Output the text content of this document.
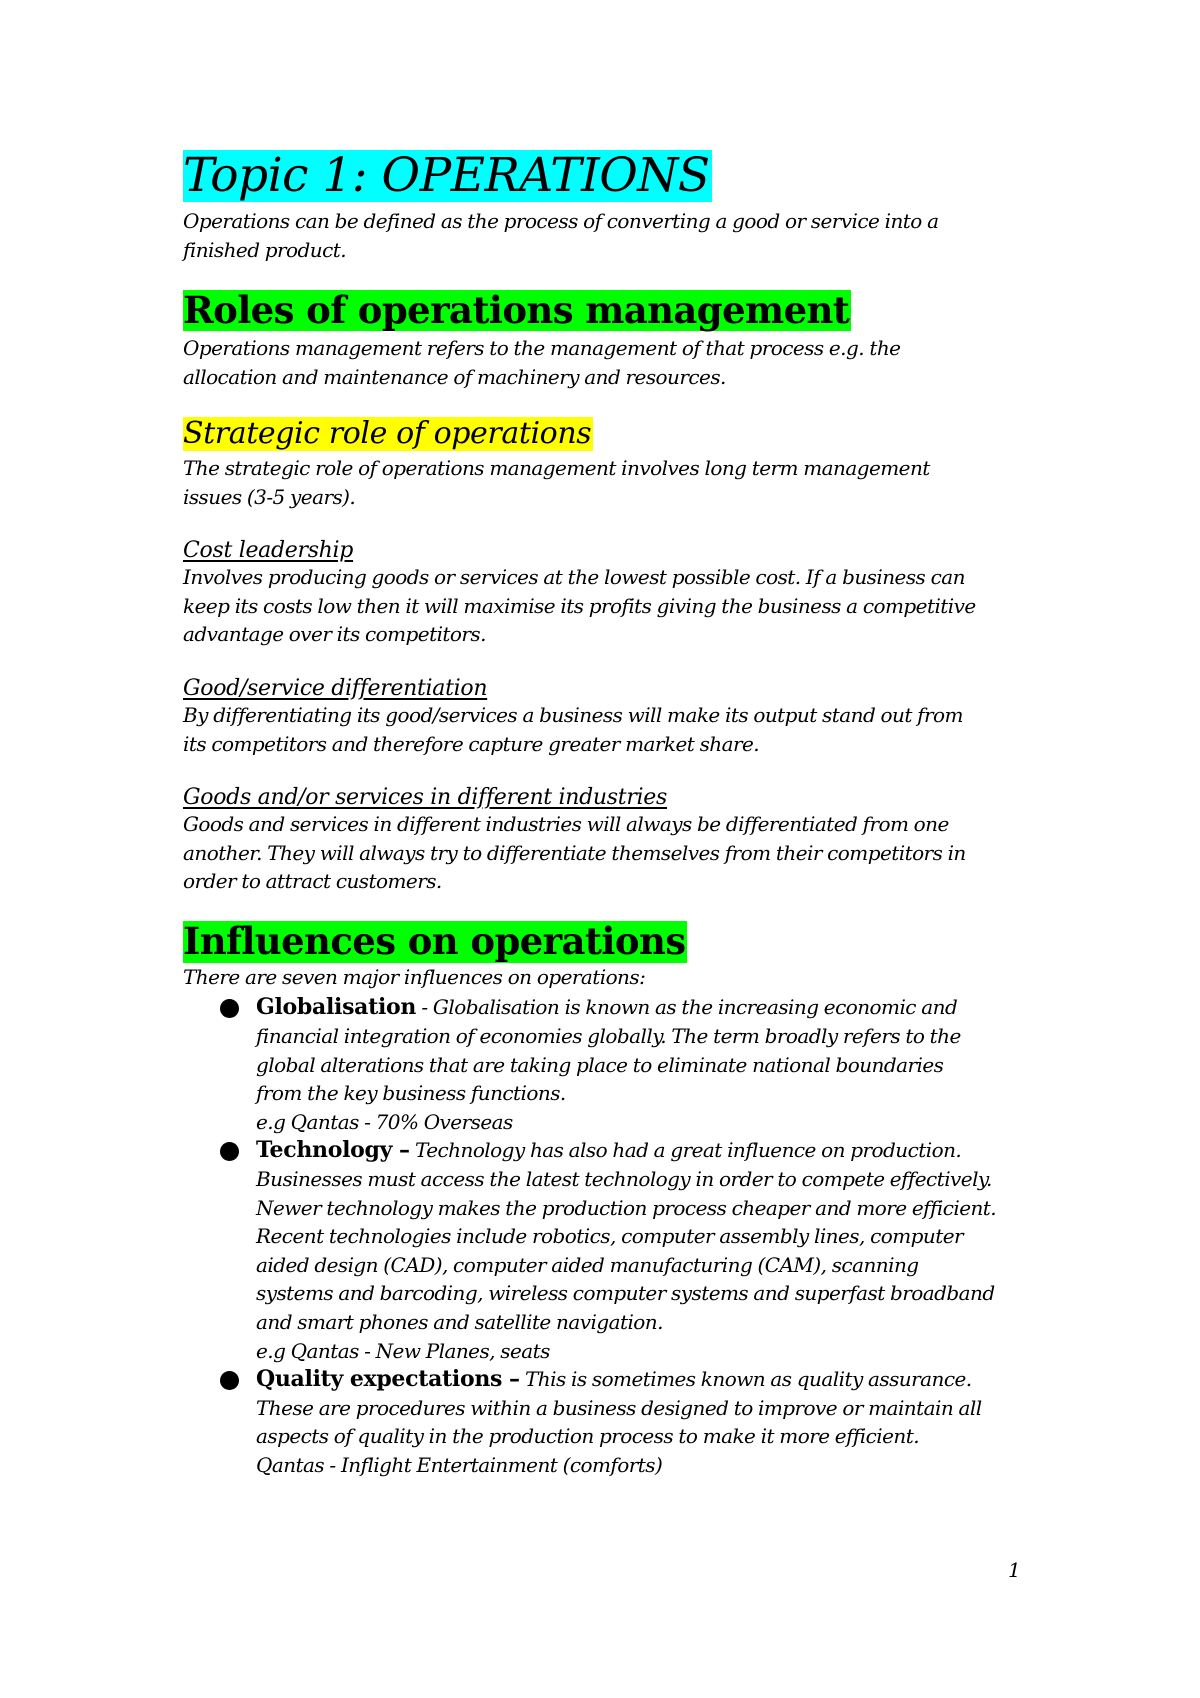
Topic 1: OPERATIONS

Operations can be defined as the process of converting a good or service into a
finished product.

Roles of operations management

Operations management refers to the management of that process e.g. the
allocation and maintenance of machinery and resources.

Strategic role of operations

The strategic role of operations management involves long term management
issues (3-5 years).

Cost leadership

Involves producing goods or services at the lowest possible cost. If a business can
keep its costs low then it will maximise its profits giving the business a competitive
advantage over its competitors.

Good/service differentiation

By differentiating its good/services a business will make its output stand out from
its competitors and therefore capture greater market share.

Goods and/or services in different industries

Goods and services in different industries will always be differentiated from one
another. They will always try to differentiate themselves from their competitors in
order to attract customers.

Influences on operations

There are seven major influences on operations:

Globalisation - Globalisation is known as the increasing economic and
financial integration of economies globally. The term broadly refers to the
global alterations that are taking place to eliminate national boundaries
from the key business functions.
e.g Qantas - 70% Overseas

Technology – Technology has also had a great influence on production.
Businesses must access the latest technology in order to compete effectively.
Newer technology makes the production process cheaper and more efficient.
Recent technologies include robotics, computer assembly lines, computer
aided design (CAD), computer aided manufacturing (CAM), scanning
systems and barcoding, wireless computer systems and superfast broadband
and smart phones and satellite navigation.
e.g Qantas - New Planes, seats

Quality expectations – This is sometimes known as quality assurance.
These are procedures within a business designed to improve or maintain all
aspects of quality in the production process to make it more efficient.
Qantas - Inflight Entertainment (comforts)

1
